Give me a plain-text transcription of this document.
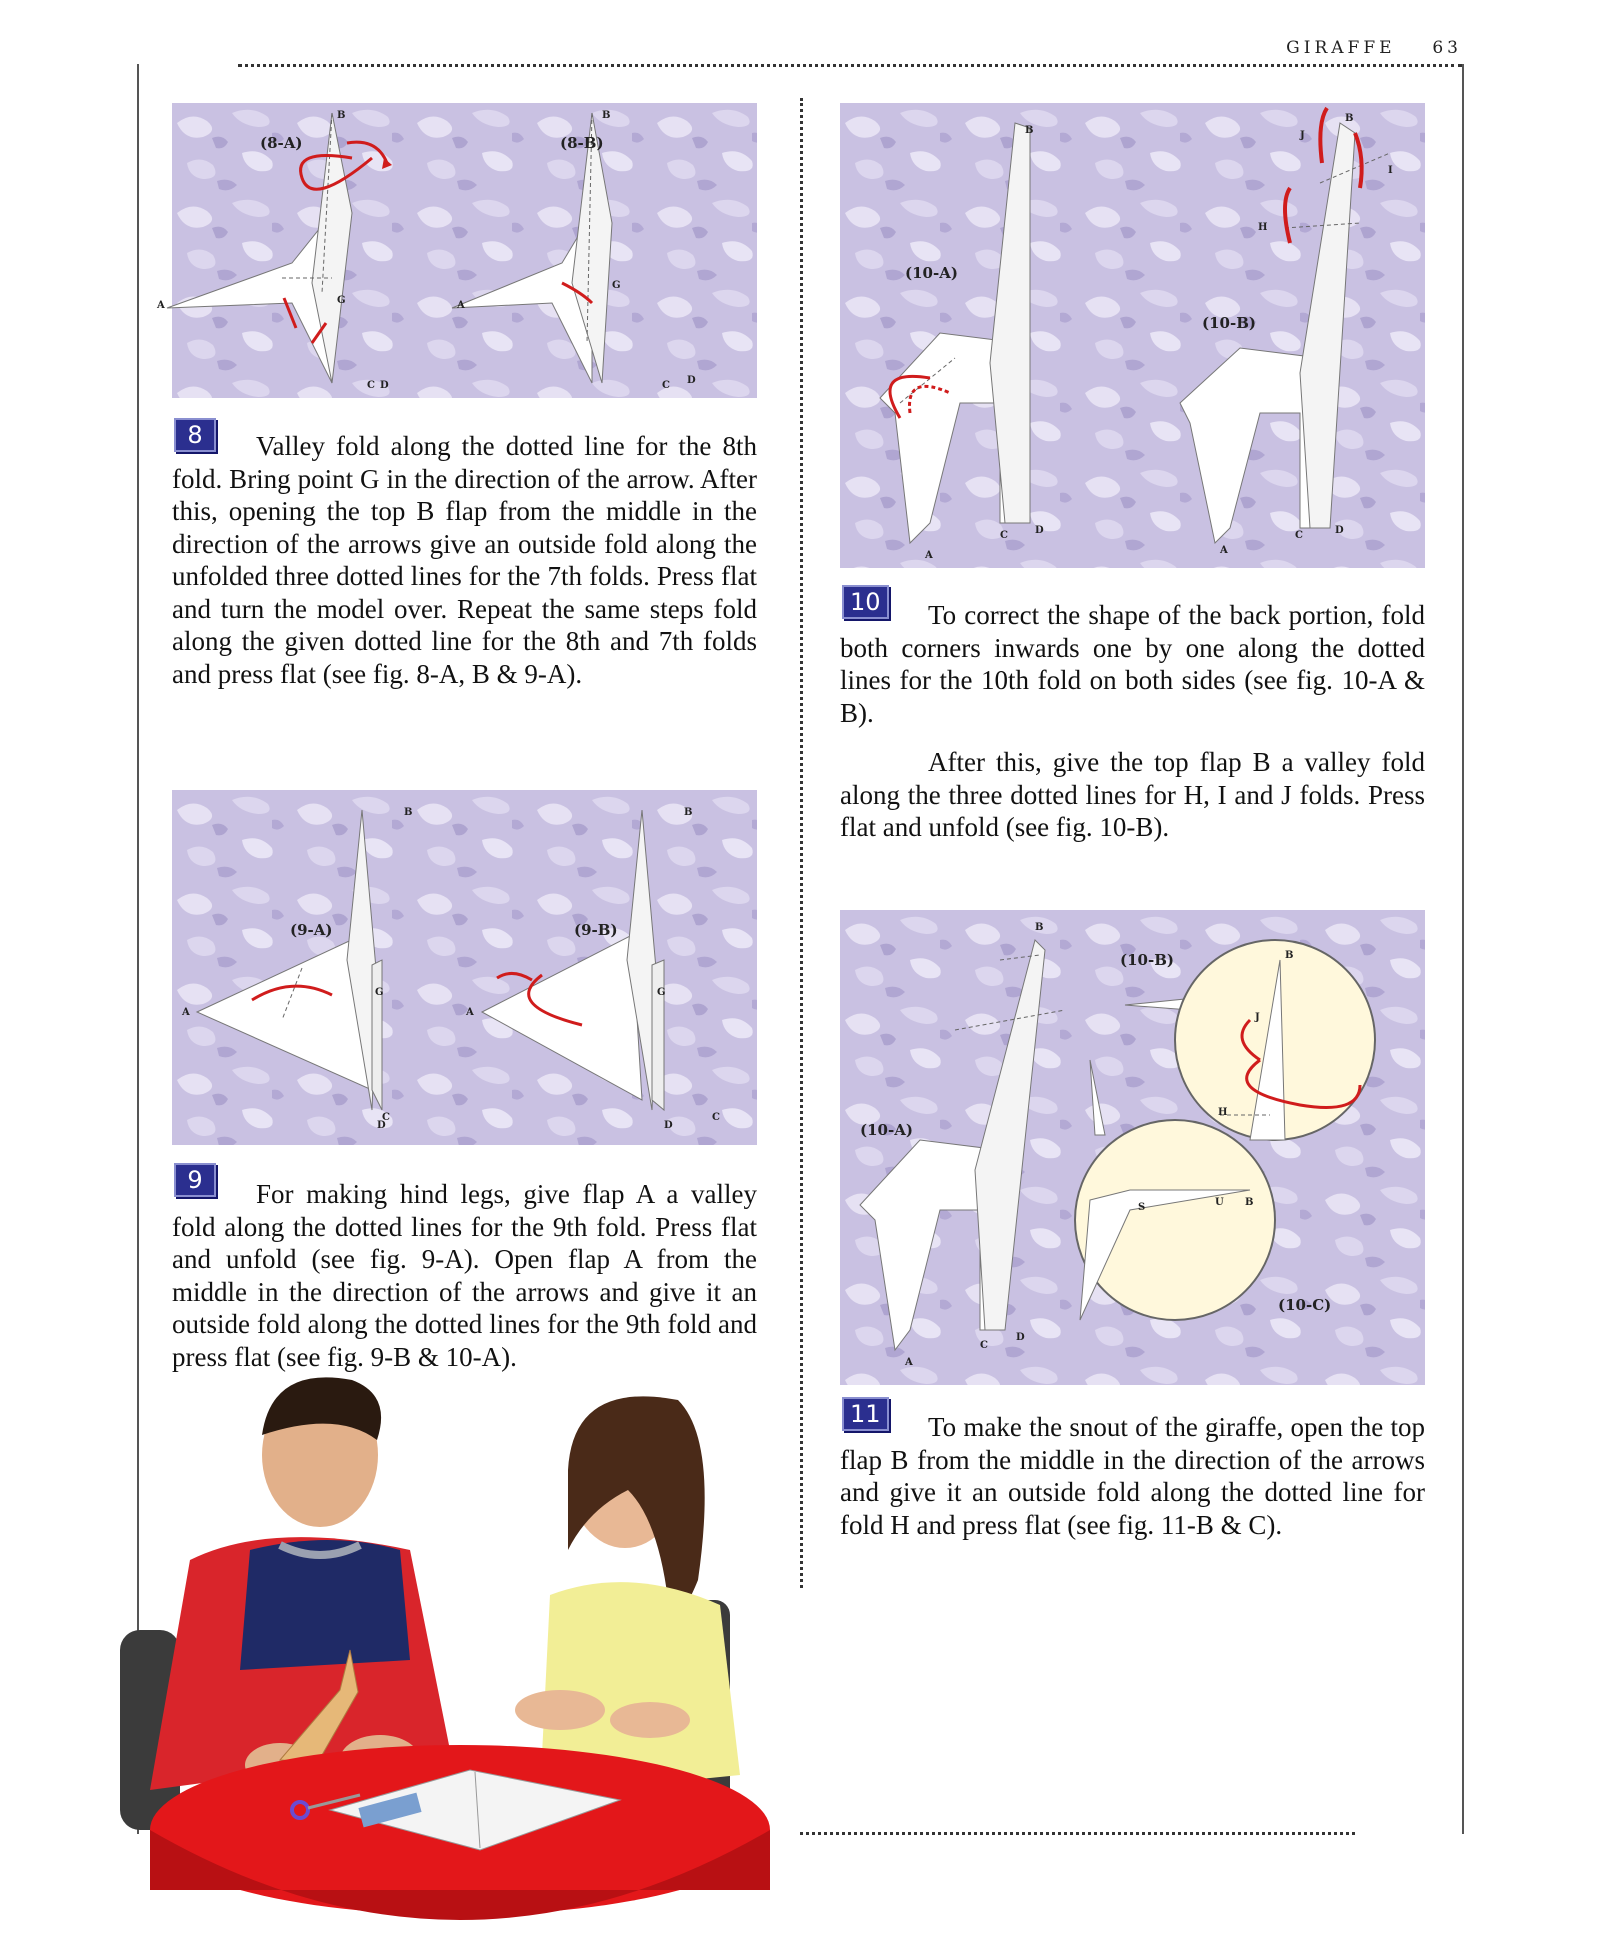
GIRAFFE 63
(8-A)	(8-B)
A
B
C D
G	A
B
C D
G
8	Valley fold along the dotted line for the 8th fold. Bring point G in the direction of the arrow. After this, opening the top B flap from the middle in the direction of the arrows give an outside fold along the unfolded three dotted lines for the 7th folds. Press flat and turn the model over. Repeat the same steps fold along the given dotted line for the 8th and 7th folds and press flat (see fig. 8-A, B & 9-A).
(9-A)	(9-B)
A
B
G
C
D
A
B
G
C
D
9	For making hind legs, give flap A a valley fold along the dotted lines for the 9th fold. Press flat and unfold (see fig. 9-A). Open flap A from the middle in the direction of the arrows and give it an outside fold along the dotted lines for the 9th fold and press flat (see fig. 9-B & 10-A).
(10-A)
(10-B)
B
A
C	D
A
C	D
B
J
I
H
10	To correct the shape of the back portion, fold both corners inwards one by one along the dotted lines for the 10th fold on both sides (see fig. 10-A & B).
After this, give the top flap B a valley fold along the three dotted lines for H, I and J folds. Press flat and unfold (see fig. 10-B).
(10-B)
(10-A)
(10-C)
B
B
J
H
B
U
S
A
C
D
11	To make the snout of the giraffe, open the top flap B from the middle in the direction of the arrows and give it an outside fold along the dotted line for fold H and press flat (see fig. 11-B & C).
